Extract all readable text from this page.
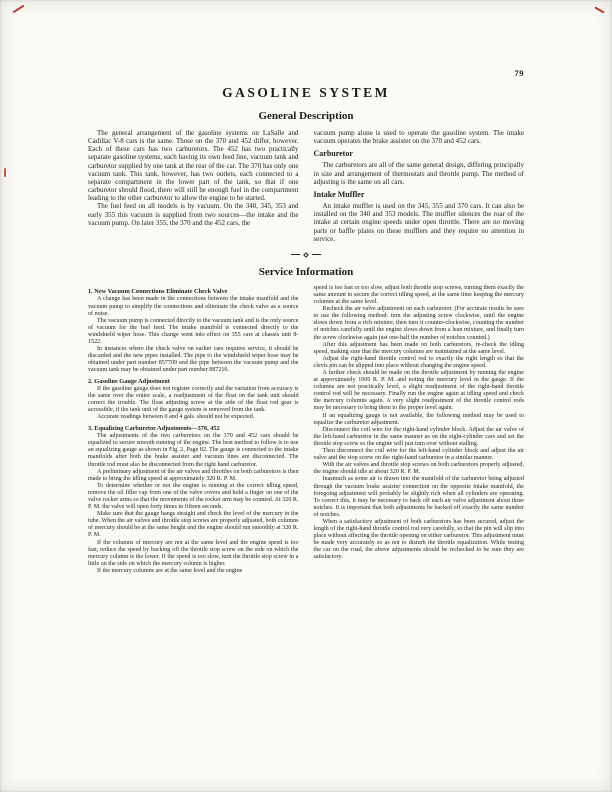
79
GASOLINE SYSTEM
General Description

The general arrangement of the gasoline systems on LaSalle and Cadillac V-8 cars is the same. Those on the 370 and 452 differ, however. Each of these cars has two carburetors. The 452 has two practically separate gasoline systems, each having its own feed line, vacuum tank and carburetor supplied by one tank at the rear of the car. The 370 has only one vacuum tank. This tank, however, has two outlets, each connected to a separate compartment in the lower part of the tank, so that if one carburetor should flood, there will still be enough fuel in the compartment leading to the other carburetor to allow the engine to be started.

The fuel feed on all models is by vacuum. On the 340, 345, 353 and early 355 this vacuum is supplied from two sources—the intake and the vacuum pump. On later 355, the 370 and the 452 cars, the

vacuum pump alone is used to operate the gasoline system. The intake vacuum operates the brake assister on the 370 and 452 cars.

Carburetor

The carburetors are all of the same general design, differing principally in size and arrangement of thermostats and throttle pump. The method of adjusting is the same on all cars.

Intake Muffler

An intake muffler is used on the 345, 355 and 370 cars. It can also be installed on the 340 and 353 models. The muffler silences the roar of the intake at certain engine speeds under open throttle. There are no moving parts or baffle plates on these mufflers and they require no attention in service.

Service Information
1. New Vacuum Connections Eliminate Check Valve

A change has been made in the connections between the intake manifold and the vacuum pump to simplify the connections and eliminate the check valve as a source of noise.

The vacuum pump is connected directly to the vacuum tank and is the only source of vacuum for the fuel feed. The intake manifold is connected directly to the windshield wiper hose. This change went into effect on 355 cars at chassis unit 8-1522.

In instances where the check valve on earlier cars requires service, it should be discarded and the new pipes installed. The pipe to the windshield wiper hose may be obtained under part number 857709 and the pipe between the vacuum pump and the vacuum tank may be obtained under part number 887210.

2. Gasoline Gauge Adjustment

If the gasoline gauge does not register correctly and the variation from accuracy is the same over the entire scale, a readjustment of the float on the tank unit should correct the trouble. The float adjusting screw at the side of the float rod gear is accessible, if the tank unit of the gauge system is removed from the tank.

Accurate readings between 0 and 4 gals. should not be expected.

3. Equalizing Carburetor Adjustments—370, 452

The adjustments of the two carburetors on the 370 and 452 cars should be equalized to secure smooth running of the engine. The best method to follow is to use an equalizing gauge as shown in Fig. 2, Page 82. The gauge is connected to the intake manifolds after both the brake assister and vacuum lines are disconnected. The throttle rod must also be disconnected from the right hand carburetor.

A preliminary adjustment of the air valves and throttles on both carburetors is then made to bring the idling speed at approximately 320 R. P. M.

To determine whether or not the engine is running at the correct idling speed, remove the oil filler cap from one of the valve covers and hold a finger on one of the valve rocker arms so that the movements of the rocker arm may be counted. At 320 R. P. M. the valve will open forty times in fifteen seconds.

Make sure that the gauge hangs straight and check the level of the mercury in the tube. When the air valves and throttle stop screws are properly adjusted, both columns of mercury should be at the same height and the engine should run smoothly at 320 R. P. M.

If the columns of mercury are not at the same level and the engine speed is too fast, reduce the speed by backing off the throttle stop screw on the side on which the mercury column is the lower. If the speed is too slow, turn the throttle stop screw in a little on the side on which the mercury column is higher.

If the mercury columns are at the same level and the engine

speed is too fast or too slow, adjust both throttle stop screws, turning them exactly the same amount to secure the correct idling speed, at the same time keeping the mercury columns at the same level.

Recheck the air valve adjustment on each carburetor. (For accurate results be sure to use the following method: turn the adjusting screw clockwise, until the engine slows down from a rich mixture, then turn it counter-clockwise, counting the number of notches carefully until the engine slows down from a lean mixture, and finally turn the screw clockwise again just one-half the number of notches counted.)

After this adjustment has been made on both carburetors, re-check the idling speed, making sure that the mercury columns are maintained at the same level.

Adjust the right-hand throttle control rod to exactly the right length so that the clevis pin can be slipped into place without changing the engine speed.

A further check should be made on the throttle adjustment by running the engine at approximately 1000 R. P. M. and noting the mercury level in the gauge. If the columns are not practically level, a slight readjustment of the right-hand throttle control rod will be necessary. Finally run the engine again at idling speed and check the mercury columns again. A very slight readjustment of the throttle control rods may be necessary to bring them to the proper level again.

If an equalizing gauge is not available, the following method may be used to equalize the carburetor adjustment.

Disconnect the coil wire for the right-hand cylinder block. Adjust the air valve of the left-hand carburetor in the same manner as on the eight-cylinder cars and set the throttle stop screw so the engine will just turn over without stalling.

Then disconnect the coil wire for the left-hand cylinder block and adjust the air valve and the stop screw on the right-hand carburetor in a similar manner.

With the air valves and throttle stop screws on both carburetors properly adjusted, the engine should idle at about 320 R. P. M.

Inasmuch as some air is drawn into the manifold of the carburetor being adjusted through the vacuum brake assister connection on the opposite intake manifold, the foregoing adjustment will probably be slightly rich when all cylinders are operating. To correct this, it may be necessary to back off each air valve adjustment about three notches. It is important that both adjustments be backed off exactly the same number of notches.

When a satisfactory adjustment of both carburetors has been secured, adjust the length of the right-hand throttle control rod very carefully, so that the pin will slip into place without affecting the throttle opening on either carburetor. This adjustment must be made very accurately so as not to disturb the throttle equalization. While testing the car on the road, the above adjustments should be rechecked to be sure they are satisfactory.
